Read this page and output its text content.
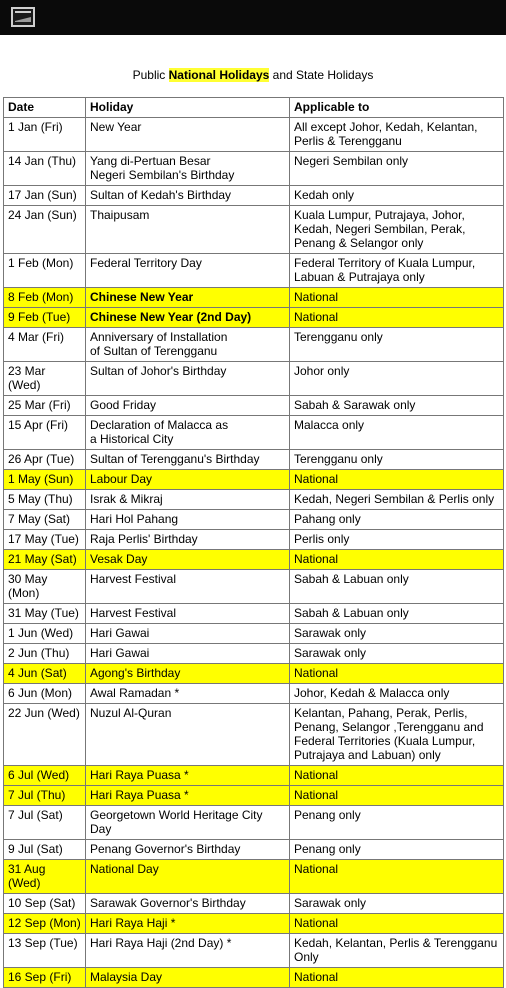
Public National Holidays and State Holidays
Date	Holiday	Applicable to
1 Jan (Fri)	New Year	All except Johor, Kedah, Kelantan,
Perlis & Terengganu
14 Jan (Thu)	Yang di-Pertuan Besar
Negeri Sembilan's Birthday	Negeri Sembilan only
17 Jan (Sun)	Sultan of Kedah's Birthday	Kedah only
24 Jan (Sun)	Thaipusam	Kuala Lumpur, Putrajaya, Johor,
Kedah, Negeri Sembilan, Perak,
Penang & Selangor only
1 Feb (Mon)	Federal Territory Day	Federal Territory of Kuala Lumpur,
Labuan & Putrajaya only
8 Feb (Mon)	Chinese New Year	National
9 Feb (Tue)	Chinese New Year (2nd Day)	National
4 Mar (Fri)	Anniversary of Installation
of Sultan of Terengganu	Terengganu only
23 Mar (Wed)	Sultan of Johor's Birthday	Johor only
25 Mar (Fri)	Good Friday	Sabah & Sarawak only
15 Apr (Fri)	Declaration of Malacca as
a Historical City	Malacca only
26 Apr (Tue)	Sultan of Terengganu's Birthday	Terengganu only
1 May (Sun)	Labour Day	National
5 May (Thu)	Israk & Mikraj	Kedah, Negeri Sembilan & Perlis only
7 May (Sat)	Hari Hol Pahang	Pahang only
17 May (Tue)	Raja Perlis' Birthday	Perlis only
21 May (Sat)	Vesak Day	National
30 May (Mon)	Harvest Festival	Sabah & Labuan only
31 May (Tue)	Harvest Festival	Sabah & Labuan only
1 Jun (Wed)	Hari Gawai	Sarawak only
2 Jun (Thu)	Hari Gawai	Sarawak only
4 Jun (Sat)	Agong's Birthday	National
6 Jun (Mon)	Awal Ramadan *	Johor, Kedah & Malacca only
22 Jun (Wed)	Nuzul Al-Quran	Kelantan, Pahang, Perak, Perlis,
Penang, Selangor ,Terengganu and
Federal Territories (Kuala Lumpur,
Putrajaya and Labuan) only
6 Jul (Wed)	Hari Raya Puasa *	National
7 Jul (Thu)	Hari Raya Puasa *	National
7 Jul (Sat)	Georgetown World Heritage City Day	Penang only
9 Jul (Sat)	Penang Governor's Birthday	Penang only
31 Aug (Wed)	National Day	National
10 Sep (Sat)	Sarawak Governor's Birthday	Sarawak only
12 Sep (Mon)	Hari Raya Haji *	National
13 Sep (Tue)	Hari Raya Haji (2nd Day) *	Kedah, Kelantan, Perlis & Terengganu
Only
16 Sep (Fri)	Malaysia Day	National
